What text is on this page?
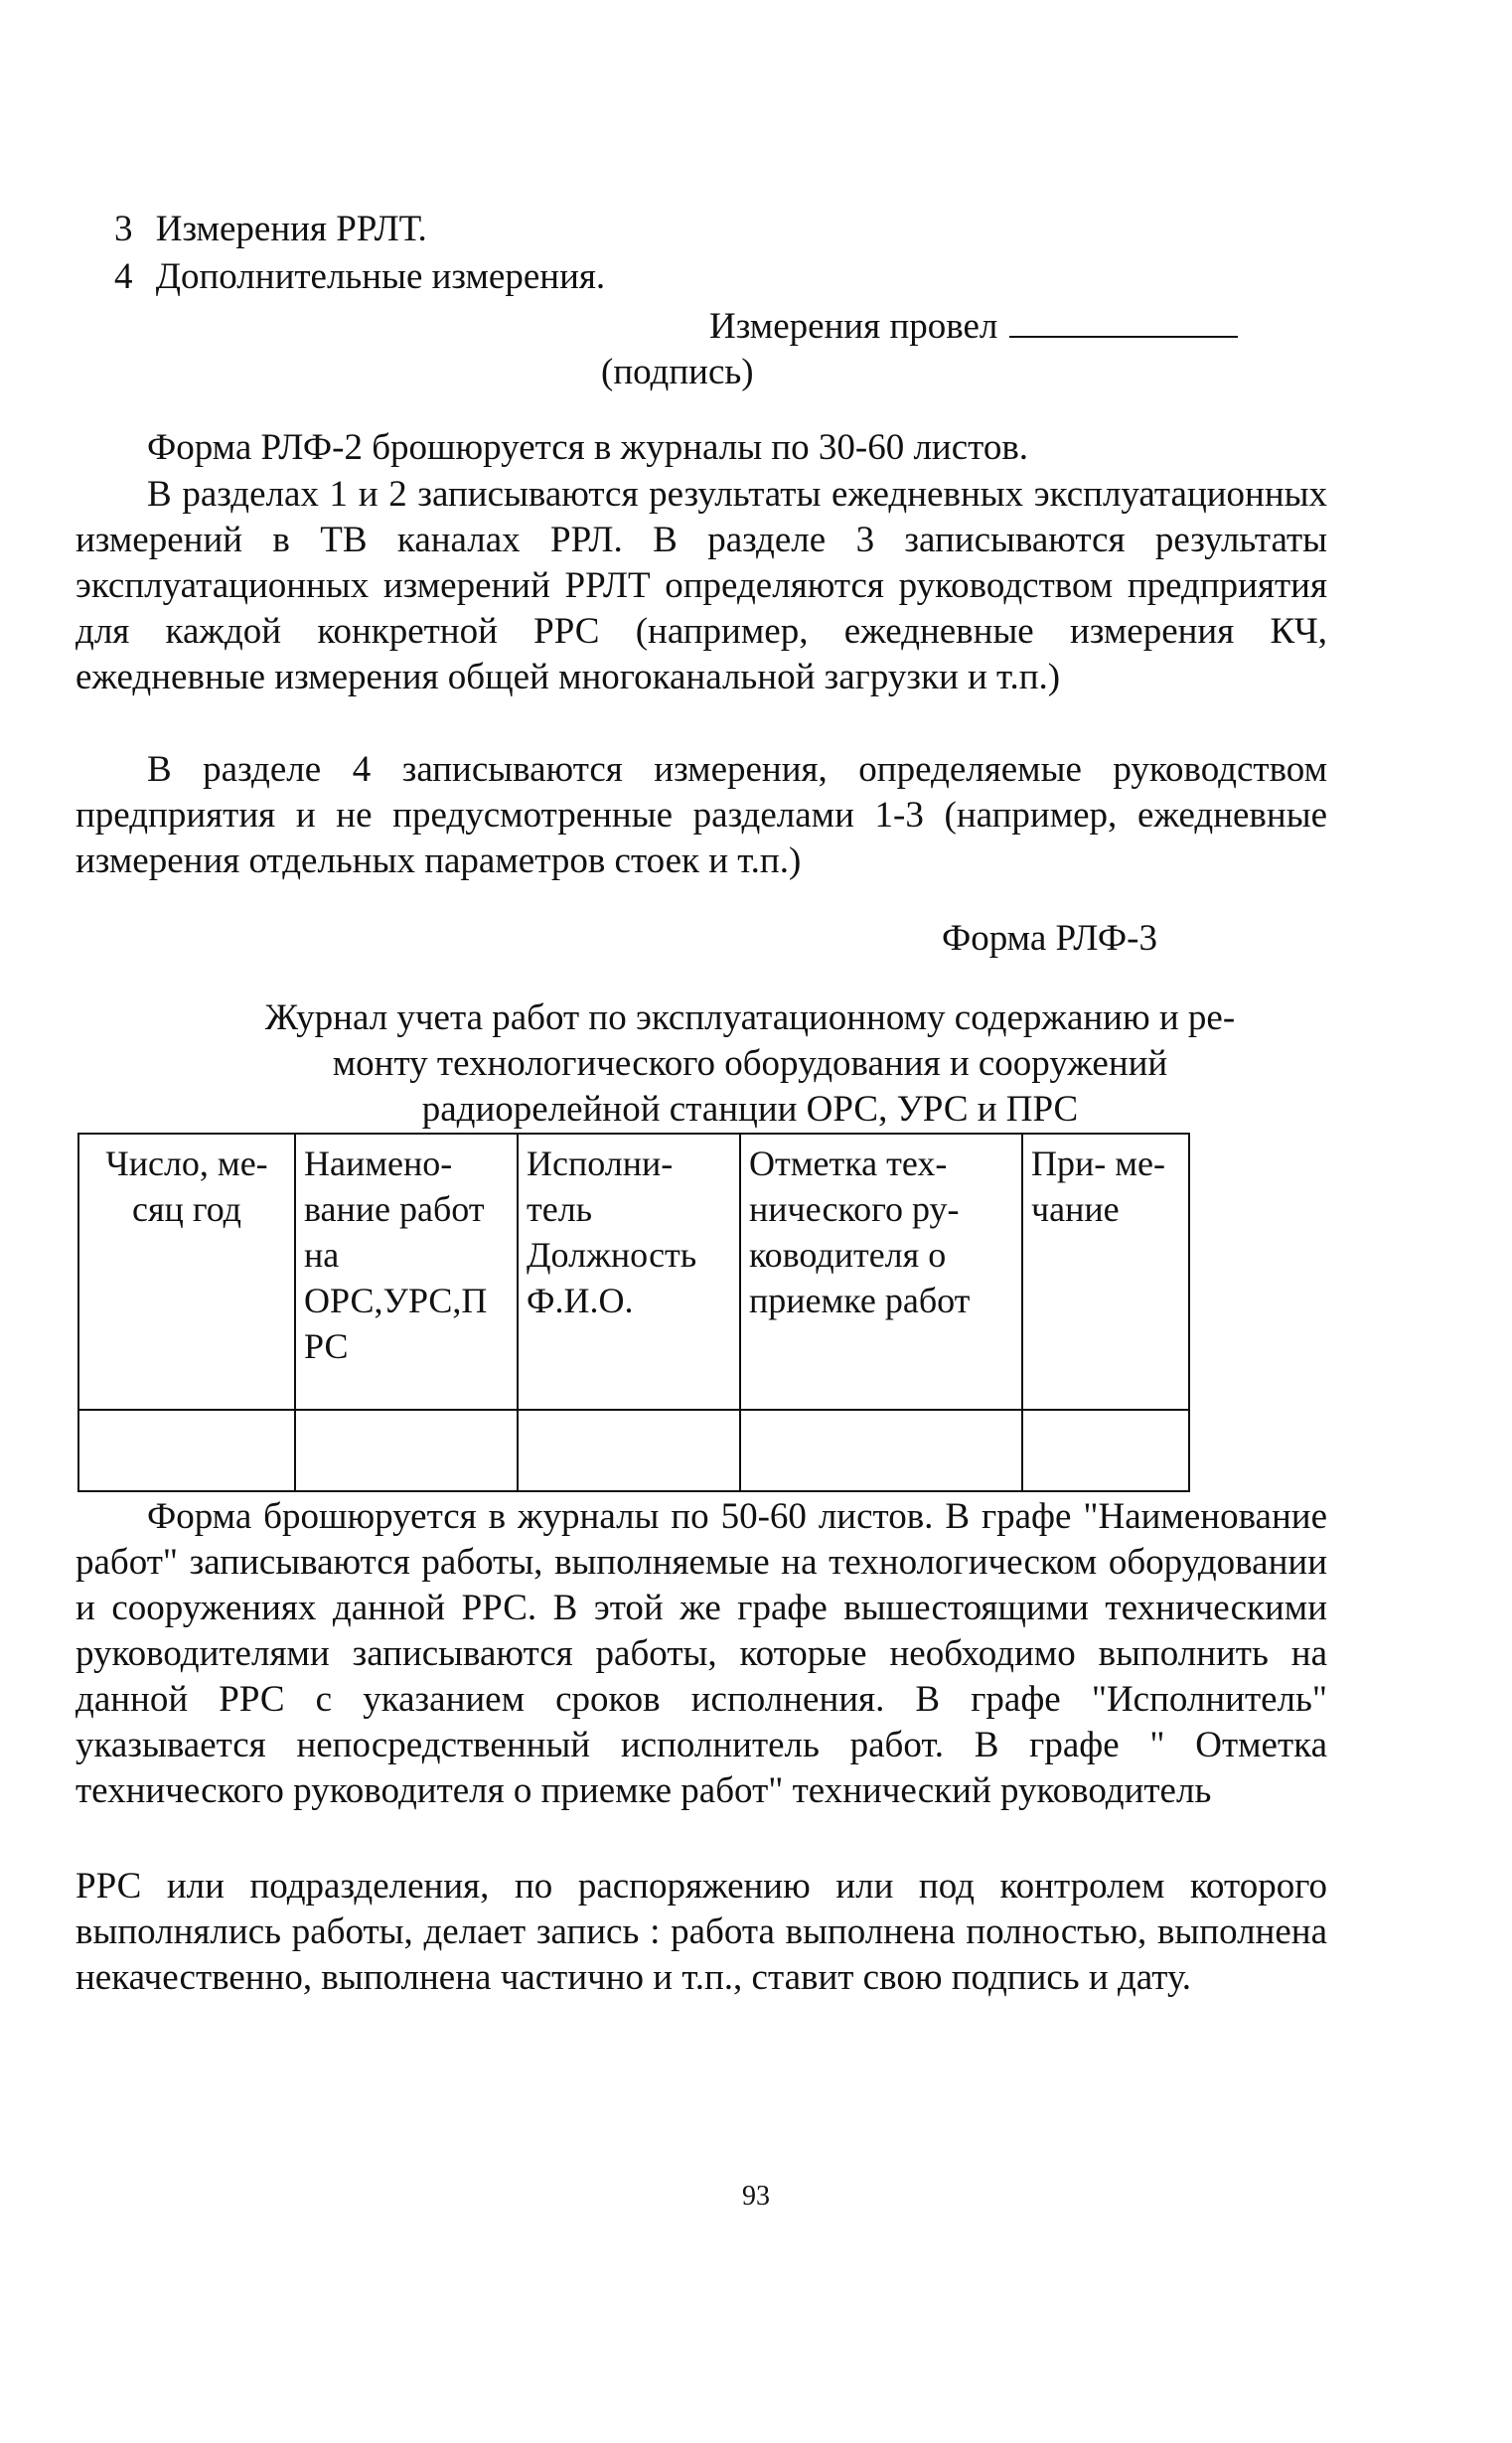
3 Измерения РРЛТ.
4 Дополнительные измерения.
Измерения провел
(подпись)
Форма РЛФ-2 брошюруется в журналы по 30-60 листов.
В разделах 1 и 2 записываются результаты ежедневных эксплуатационных измерений в ТВ каналах РРЛ. В разделе 3 записываются результаты эксплуатационных измерений РРЛТ определяются руководством предприятия для каждой конкретной РРС (например, ежедневные измерения КЧ, ежедневные измерения общей многоканальной загрузки и т.п.)
В разделе 4 записываются измерения, определяемые руководством предприятия и не предусмотренные разделами 1-3 (например, ежедневные измерения отдельных параметров стоек и т.п.)
Форма РЛФ-3
Журнал учета работ по эксплуатационному содержанию и ре-
монту технологического оборудования и сооружений
радиорелейной станции ОРС, УРС и ПРС
Число, ме- сяц год	Наимено- вание работ на ОРС,УРС,П РС	Исполни- тель Должность Ф.И.О.	Отметка тех- нического ру- ководителя о приемке работ	При- ме- чание

Форма брошюруется в журналы по 50-60 листов. В графе "Наименование работ" записываются работы, выполняемые на технологическом оборудовании и сооружениях данной РРС. В этой же графе вышестоящими техническими руководителями записываются работы, которые необходимо выполнить на данной РРС с указанием сроков исполнения. В графе "Исполнитель" указывается непосредственный исполнитель работ. В графе " Отметка технического руководителя о приемке работ" технический руководитель
РРС или подразделения, по распоряжению или под контролем которого выполнялись работы, делает запись : работа выполнена полностью, выполнена некачественно, выполнена частично и т.п., ставит свою подпись и дату.
93
